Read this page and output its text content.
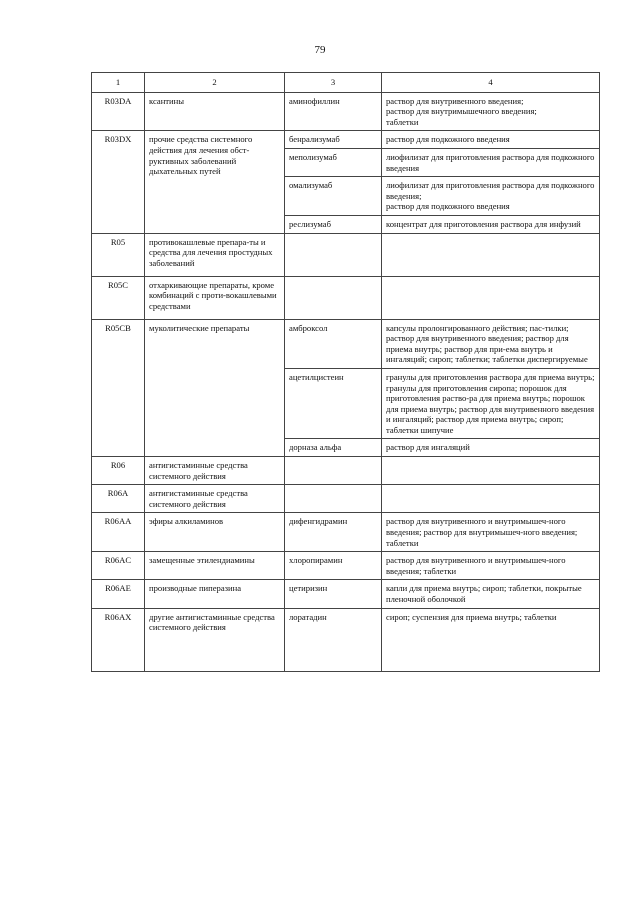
79
1	2	3	4
R03DA	ксантины	аминофиллин	раствор для внутривенного введения;
раствор для внутримышечного введения;
таблетки
R03DX	прочие средства системного действия для лечения обст-руктивных заболеваний дыхательных путей	бенрализумаб	раствор для подкожного введения
		меполизумаб	лиофилизат для приготовления раствора для подкожного введения
		омализумаб	лиофилизат для приготовления раствора для подкожного введения;
раствор для подкожного введения
		реслизумаб	концентрат для приготовления раствора для инфузий
R05	противокашлевые препара-ты и средства для лечения простудных заболеваний		
R05C	отхаркивающие препараты, кроме комбинаций с проти-вокашлевыми средствами		
R05CB	муколитические препараты	амброксол	капсулы пролонгированного действия; пас-тилки; раствор для внутривенного введения; раствор для приема внутрь; раствор для при-ема внутрь и ингаляций; сироп; таблетки; таблетки диспергируемые
		ацетилцистеин	гранулы для приготовления раствора для приема внутрь; гранулы для приготовления сиропа; порошок для приготовления раство-ра для приема внутрь; порошок для приема внутрь; раствор для внутривенного введения и ингаляций; раствор для приема внутрь; сироп; таблетки шипучие
		дорназа альфа	раствор для ингаляций
R06	антигистаминные средства системного действия		
R06A	антигистаминные средства системного действия		
R06AA	эфиры алкиламинов	дифенгидрамин	раствор для внутривенного и внутримышеч-ного введения; раствор для внутримышеч-ного введения; таблетки
R06AC	замещенные этилендиамины	хлоропирамин	раствор для внутривенного и внутримышеч-ного введения; таблетки
R06AE	производные пиперазина	цетиризин	капли для приема внутрь; сироп; таблетки, покрытые пленочной оболочкой
R06AX	другие антигистаминные средства системного действия	лоратадин	сироп; суспензия для приема внутрь; таблетки
